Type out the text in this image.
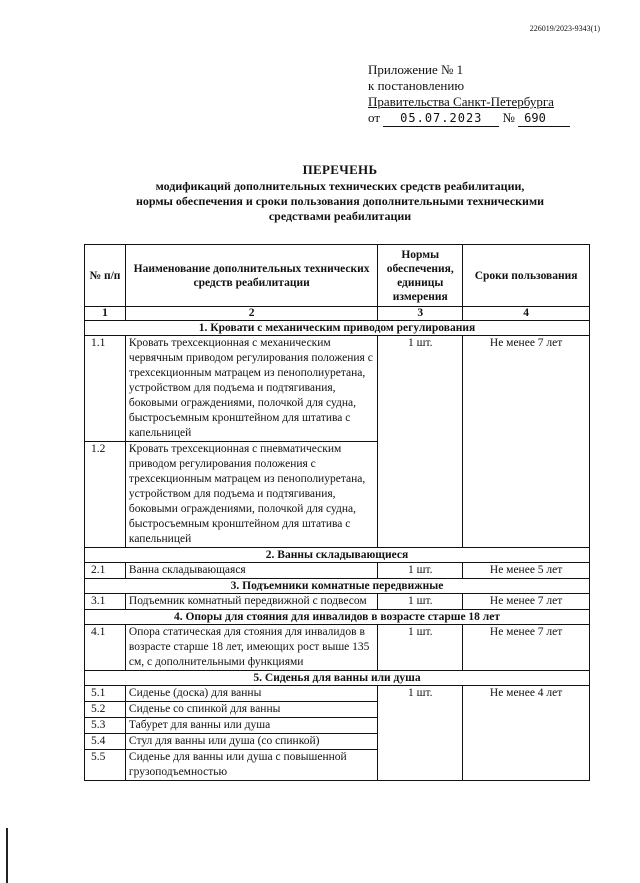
226019/2023-9343(1)
Приложение № 1
к постановлению
Правительства Санкт-Петербурга
от 05.07.2023 № 690
ПЕРЕЧЕНЬ
модификаций дополнительных технических средств реабилитации,
нормы обеспечения и сроки пользования дополнительными техническими
средствами реабилитации
№ п/п	Наименование дополнительных технических средств реабилитации	Нормы обеспечения, единицы измерения	Сроки пользования
1	2	3	4
1. Кровати с механическим приводом регулирования			
1.1	Кровать трехсекционная с механическим червячным приводом регулирования положения с трехсекционным матрацем из пенополиуретана, устройством для подъема и подтягивания, боковыми ограждениями, полочкой для судна, быстросъемным кронштейном для штатива с капельницей	1 шт.	Не менее 7 лет
1.2	Кровать трехсекционная с пневматическим приводом регулирования положения с трехсекционным матрацем из пенополиуретана, устройством для подъема и подтягивания, боковыми ограждениями, полочкой для судна, быстросъемным кронштейном для штатива с капельницей		
2. Ванны складывающиеся			
2.1	Ванна складывающаяся	1 шт.	Не менее 5 лет
3. Подъемники комнатные передвижные			
3.1	Подъемник комнатный передвижной с подвесом	1 шт.	Не менее 7 лет
4. Опоры для стояния для инвалидов в возрасте старше 18 лет			
4.1	Опора статическая для стояния для инвалидов в возрасте старше 18 лет, имеющих рост выше 135 см, с дополнительными функциями	1 шт.	Не менее 7 лет
5. Сиденья для ванны или душа			
5.1	Сиденье (доска) для ванны	1 шт.	Не менее 4 лет
5.2	Сиденье со спинкой для ванны		
5.3	Табурет для ванны или душа		
5.4	Стул для ванны или душа (со спинкой)		
5.5	Сиденье для ванны или душа с повышенной грузоподъемностью		
